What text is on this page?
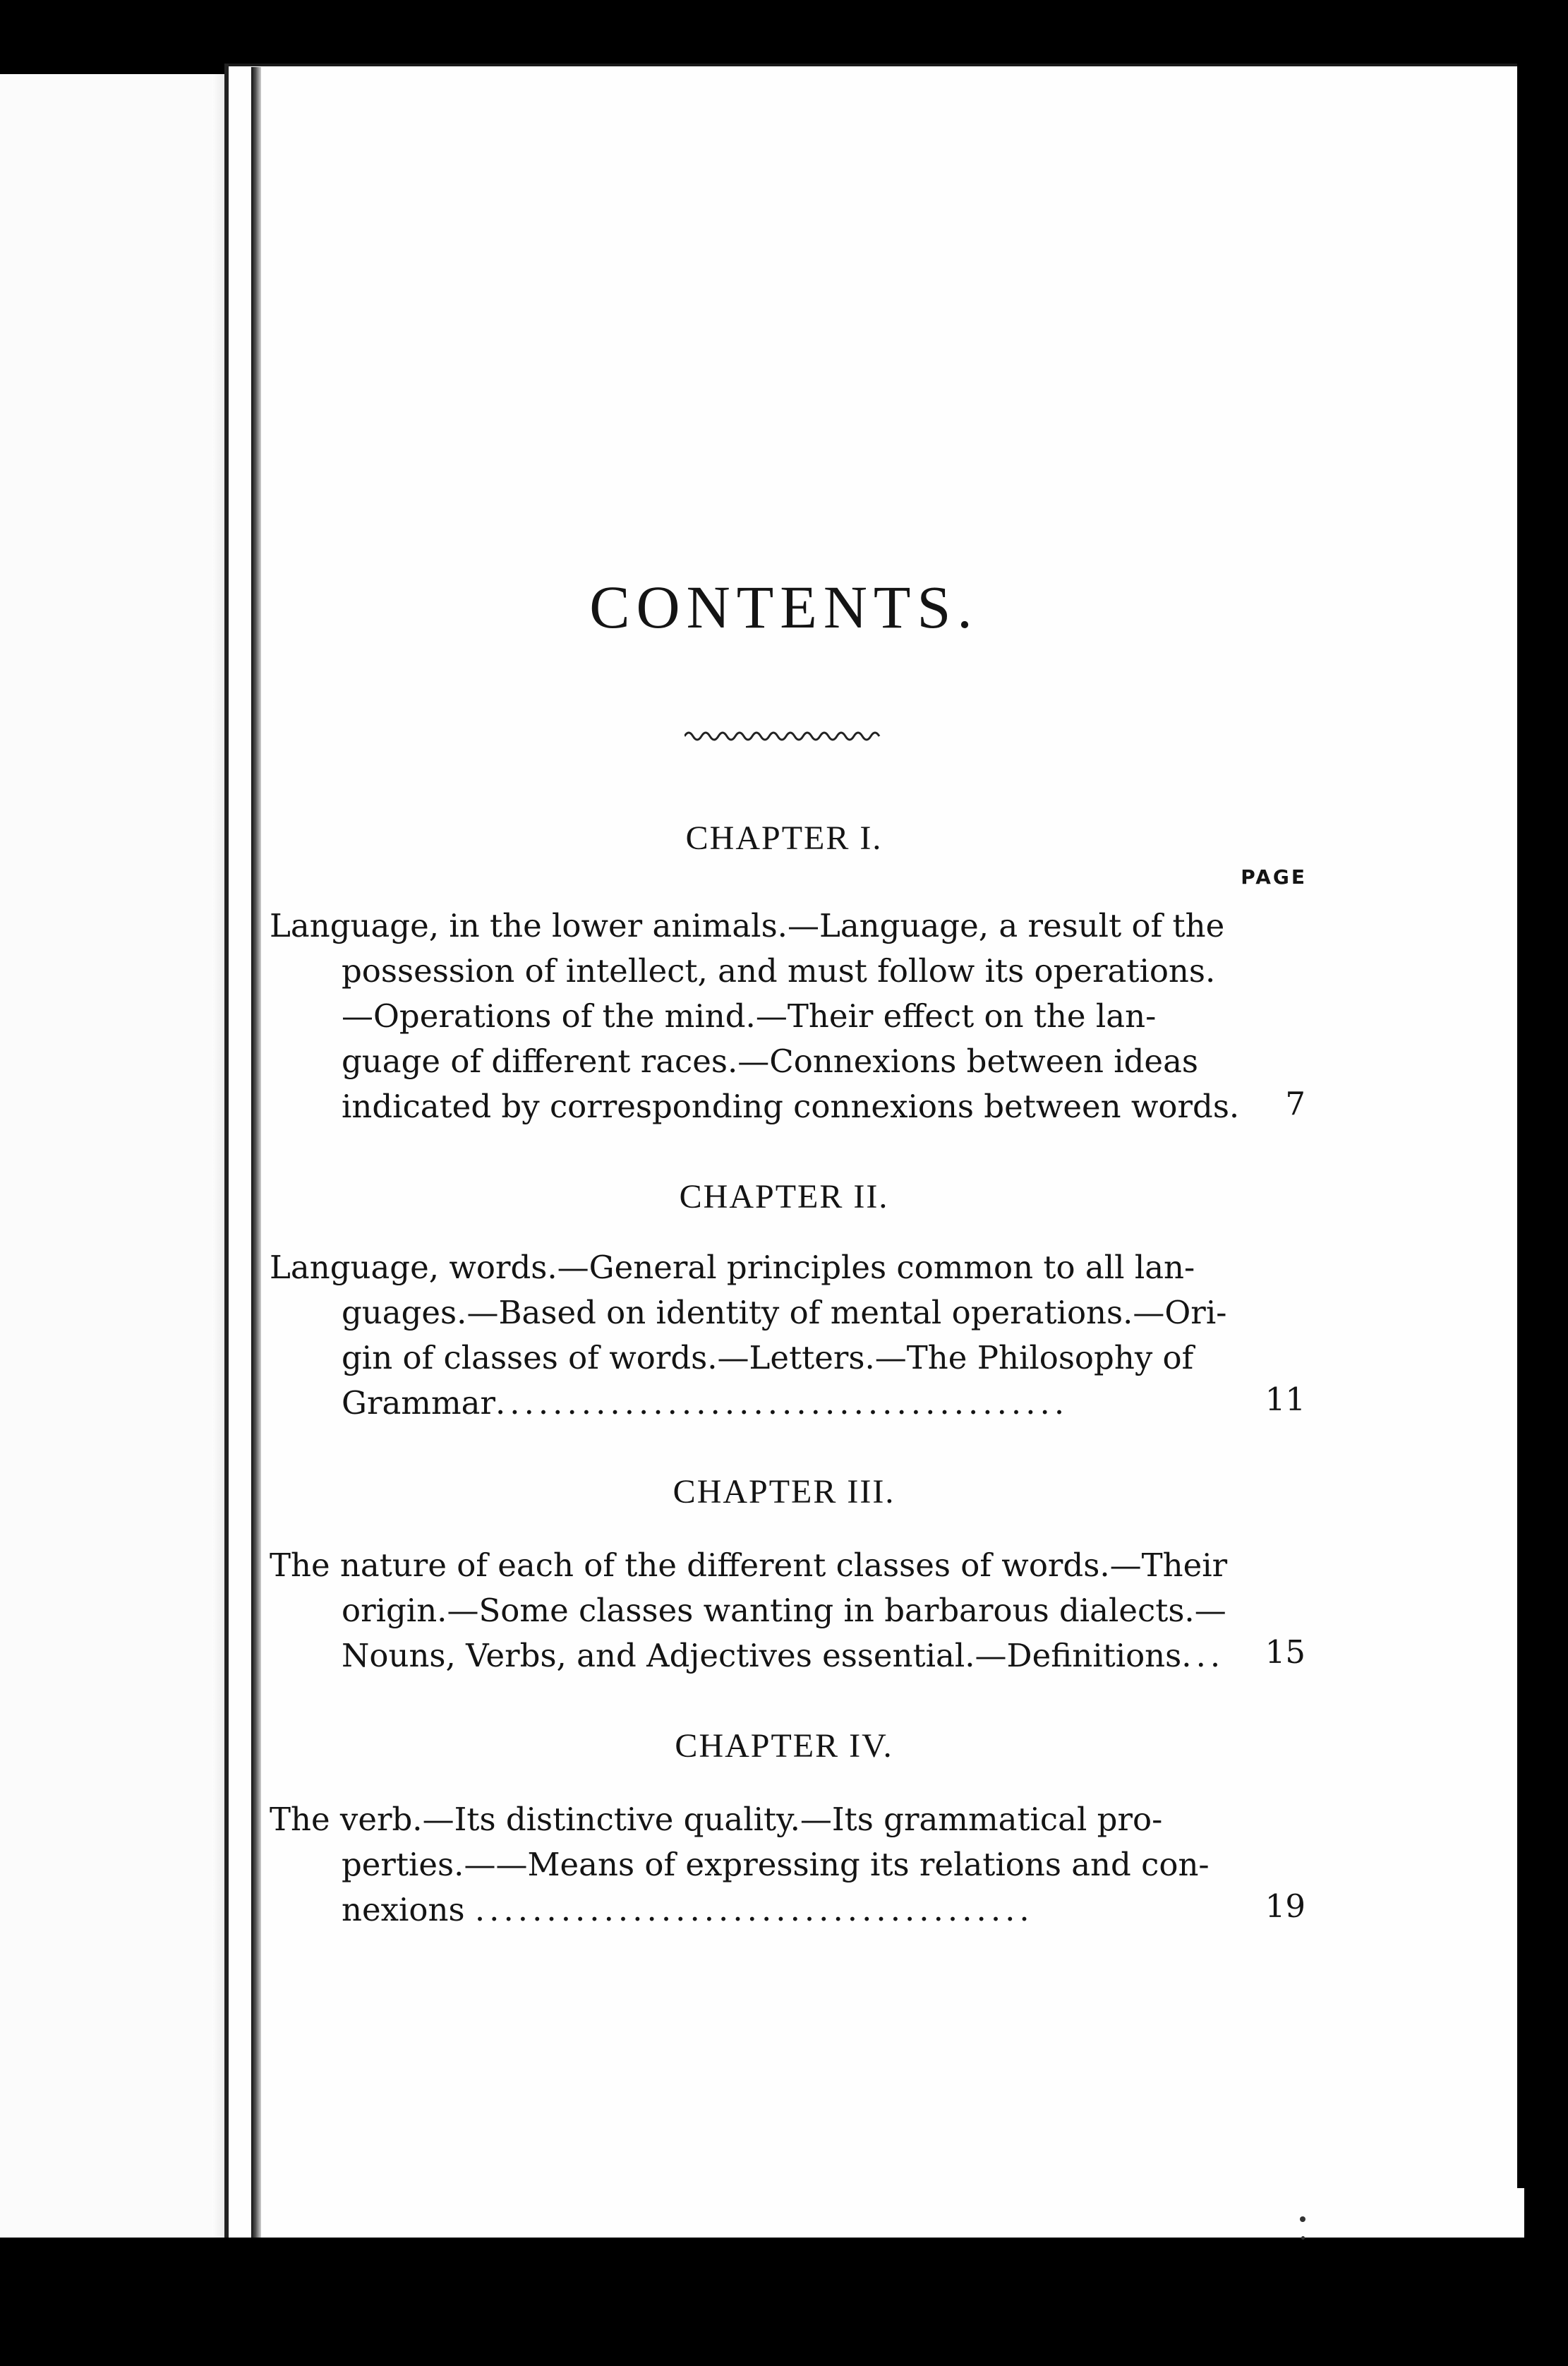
CONTENTS.
CHAPTER I.
PAGE
Language, in the lower animals.—Language, a result of the
possession of intellect, and must follow its operations.
—Operations of the mind.—Their effect on the lan-
guage of different races.—Connexions between ideas
indicated by corresponding connexions between words.	7
CHAPTER II.
Language, words.—General principles common to all lan-
guages.—Based on identity of mental operations.—Ori-
gin of classes of words.—Letters.—The Philosophy of
Grammar........................................	11
CHAPTER III.
The nature of each of the different classes of words.—Their
origin.—Some classes wanting in barbarous dialects.—
Nouns, Verbs, and Adjectives essential.—Definitions...	15
CHAPTER IV.
The verb.—Its distinctive quality.—Its grammatical pro-
perties.——Means of expressing its relations and con-
nexions .......................................	19
